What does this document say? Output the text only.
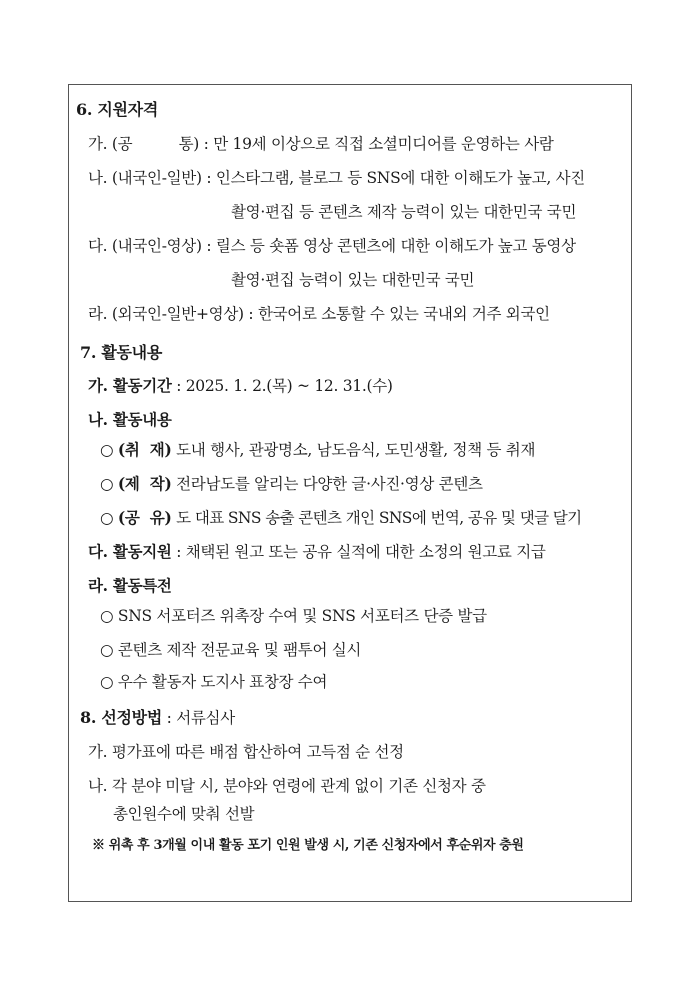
6. 지원자격
가. (공          통) : 만 19세 이상으로 직접 소셜미디어를 운영하는 사람
나. (내국인-일반) : 인스타그램, 블로그 등 SNS에 대한 이해도가 높고, 사진
촬영·편집 등 콘텐츠 제작 능력이 있는 대한민국 국민
다. (내국인-영상) : 릴스 등 숏폼 영상 콘텐츠에 대한 이해도가 높고 동영상
촬영·편집 능력이 있는 대한민국 국민
라. (외국인-일반+영상) : 한국어로 소통할 수 있는 국내외 거주 외국인
7. 활동내용
가. 활동기간 : 2025. 1. 2.(목) ~ 12. 31.(수)
나. 활동내용
○ (취  재) 도내 행사, 관광명소, 남도음식, 도민생활, 정책 등 취재
○ (제  작) 전라남도를 알리는 다양한 글·사진·영상 콘텐츠
○ (공  유) 도 대표 SNS 송출 콘텐츠 개인 SNS에 번역, 공유 및 댓글 달기
다. 활동지원 : 채택된 원고 또는 공유 실적에 대한 소정의 원고료 지급
라. 활동특전
○ SNS 서포터즈 위촉장 수여 및 SNS 서포터즈 단증 발급
○ 콘텐츠 제작 전문교육 및 팸투어 실시
○ 우수 활동자 도지사 표창장 수여
8. 선정방법 : 서류심사
가. 평가표에 따른 배점 합산하여 고득점 순 선정
나. 각 분야 미달 시, 분야와 연령에 관계 없이 기존 신청자 중
총인원수에 맞춰 선발
※ 위촉 후 3개월 이내 활동 포기 인원 발생 시, 기존 신청자에서 후순위자 충원
